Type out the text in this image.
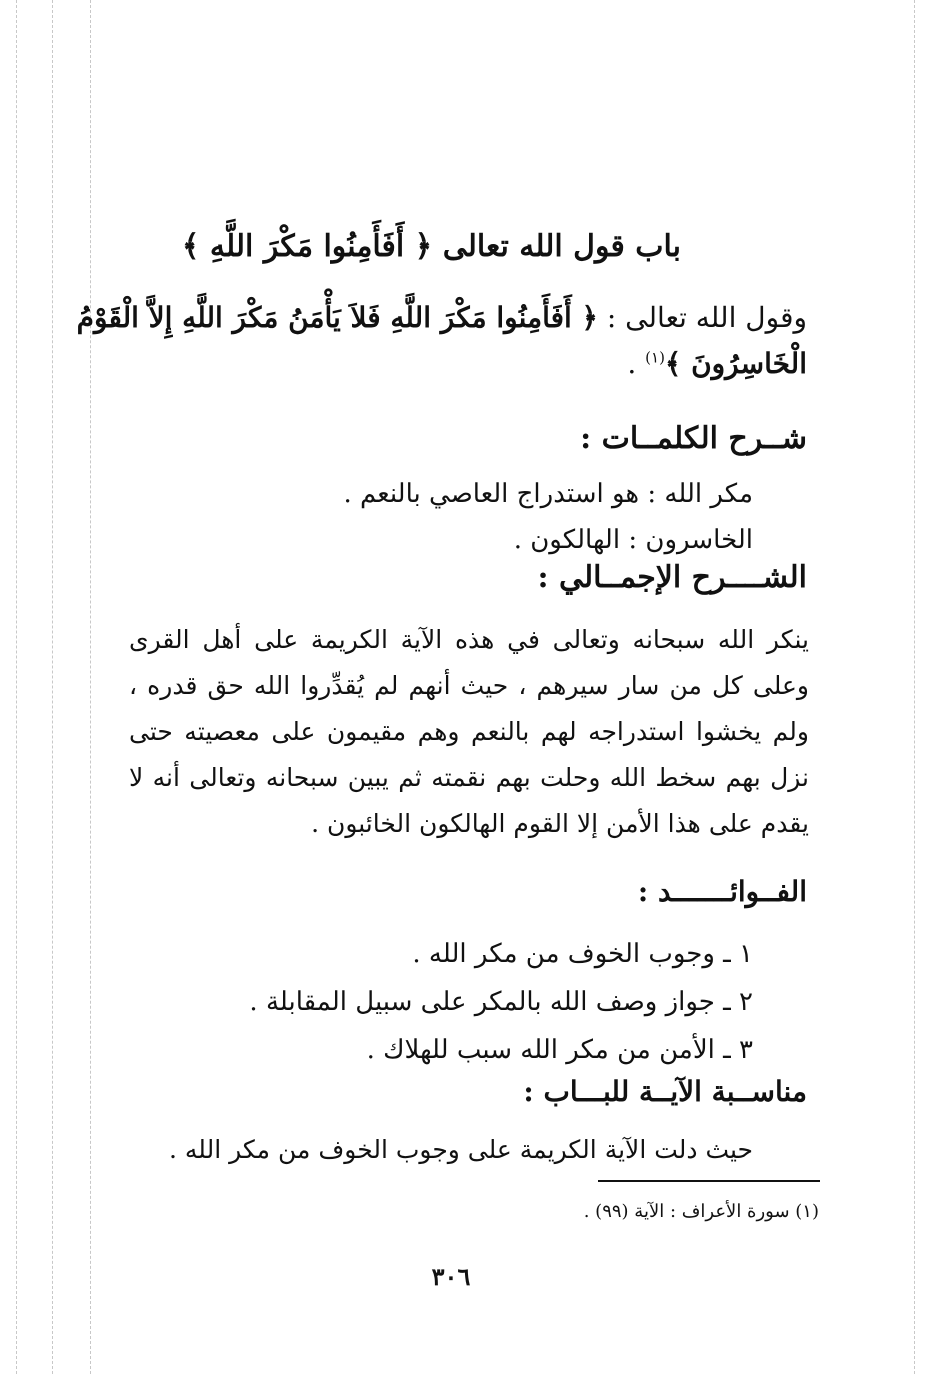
باب قول الله تعالى ﴿ أَفَأَمِنُوا مَكْرَ اللَّهِ ﴾
وقول الله تعالى : ﴿ أَفَأَمِنُوا مَكْرَ اللَّهِ فَلاَ يَأْمَنُ مَكْرَ اللَّهِ إِلاَّ الْقَوْمُ
الْخَاسِرُونَ ﴾$^{(١)}$ .
شــرح الكلمــات :
مكر الله : هو استدراج العاصي بالنعم .
الخاسرون : الهالكون .
الشــــرح الإجمــالي :
ينكر الله سبحانه وتعالى في هذه الآية الكريمة على أهل القرى وعلى كل من سار سيرهم ، حيث أنهم لم يُقدِّروا الله حق قدره ، ولم يخشوا استدراجه لهم بالنعم وهم مقيمون على معصيته حتى نزل بهم سخط الله وحلت بهم نقمته ثم يبين سبحانه وتعالى أنه لا يقدم على هذا الأمن إلا القوم الهالكون الخائبون .
الفــوائـــــــد :
١ ـ وجوب الخوف من مكر الله .
٢ ـ جواز وصف الله بالمكر على سبيل المقابلة .
٣ ـ الأمن من مكر الله سبب للهلاك .
مناســبة الآيــة للبـــاب :
حيث دلت الآية الكريمة على وجوب الخوف من مكر الله .
(١) سورة الأعراف : الآية (٩٩) .
٣٠٦
